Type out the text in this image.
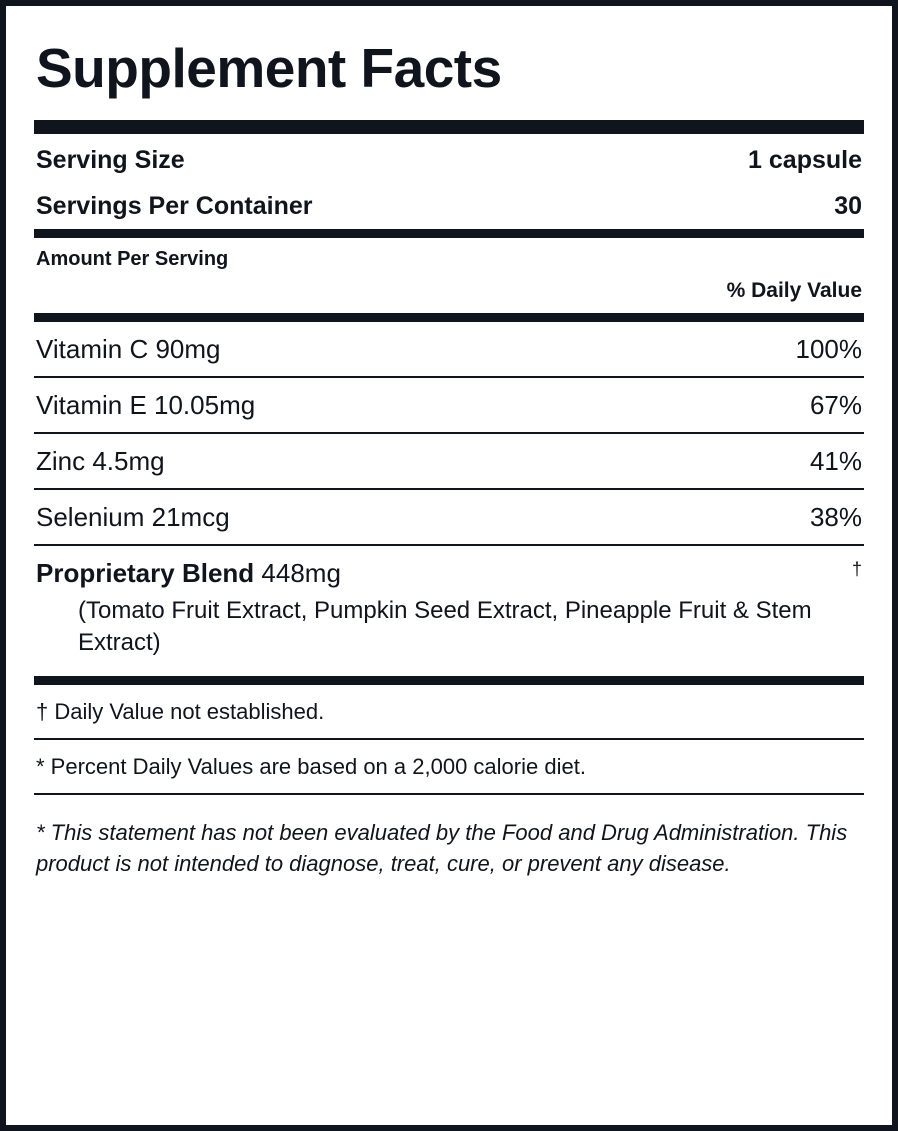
Supplement Facts
Serving Size	1 capsule
Servings Per Container	30
Amount Per Serving
% Daily Value
Vitamin C 90mg	100%
Vitamin E 10.05mg	67%
Zinc 4.5mg	41%
Selenium 21mcg	38%
Proprietary Blend 448mg	†
(Tomato Fruit Extract, Pumpkin Seed Extract, Pineapple Fruit & Stem Extract)
† Daily Value not established.
* Percent Daily Values are based on a 2,000 calorie diet.
* This statement has not been evaluated by the Food and Drug Administration. This product is not intended to diagnose, treat, cure, or prevent any disease.
